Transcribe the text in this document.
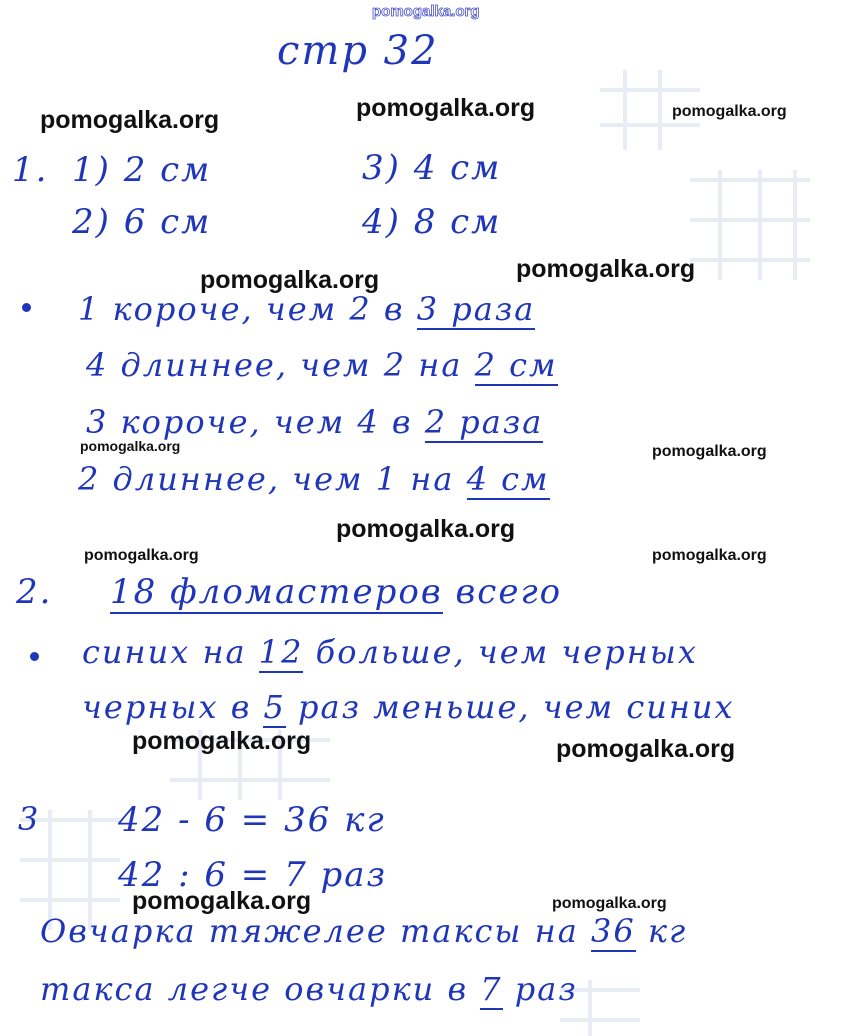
pomogalka.org
стр 32
1. 1) 2 см	3) 4 см
2) 6 см	4) 8 см
1 короче, чем 2 в 3 раза
4 длиннее, чем 2 на 2 см
3 короче, чем 4 в 2 раза
2 длиннее, чем 1 на 4 см
2. 18 фломастеров всего
синих на 12 больше, чем черных
черных в 5 раз меньше, чем синих
3 42 - 6 = 36 кг
42 : 6 = 7 раз
Овчарка тяжелее таксы на 36 кг
такса легче овчарки в 7 раз
pomogalka.org	pomogalka.org	pomogalka.org
pomogalka.org	pomogalka.org
pomogalka.org	pomogalka.org
pomogalka.org
pomogalka.org	pomogalka.org
pomogalka.org	pomogalka.org
pomogalka.org	pomogalka.org
